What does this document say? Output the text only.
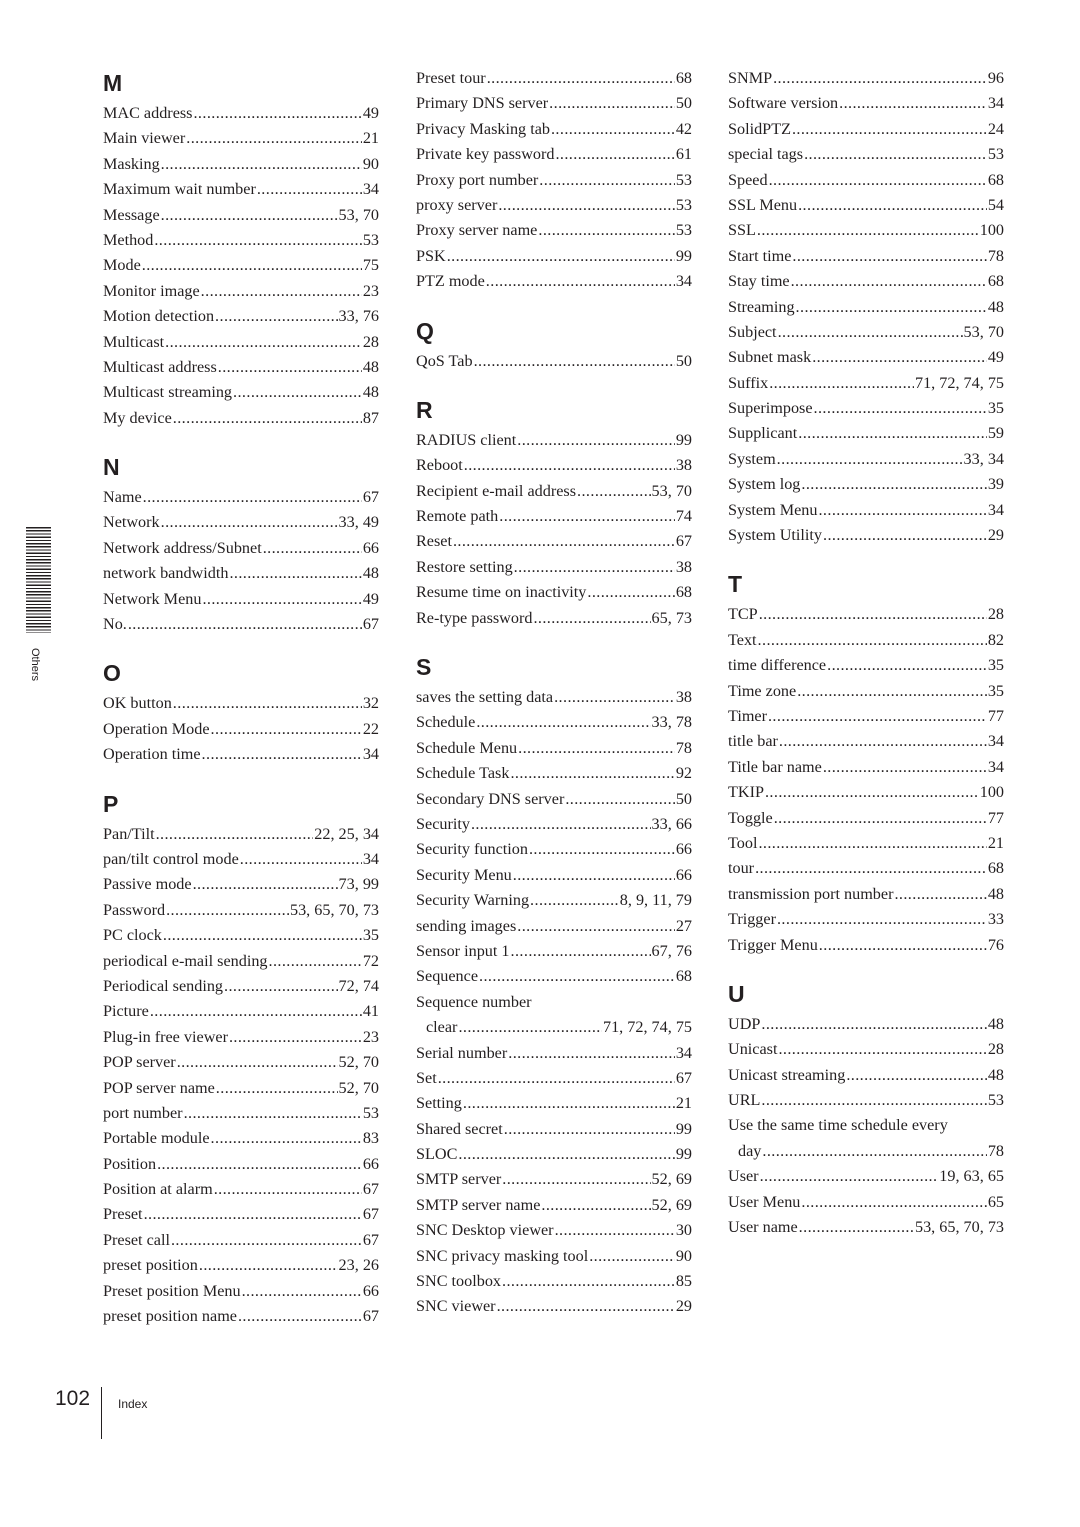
Others
M
MAC address .....	49
Main viewer .....	21
Masking .....	90
Maximum wait number .....	34
Message .....	53, 70
Method .....	53
Mode .....	75
Monitor image .....	23
Motion detection .....	33, 76
Multicast .....	28
Multicast address .....	48
Multicast streaming .....	48
My device .....	87
N
Name .....	67
Network .....	33, 49
Network address/Subnet .....	66
network bandwidth .....	48
Network Menu .....	49
No. .....	67
O
OK button .....	32
Operation Mode .....	22
Operation time .....	34
P
Pan/Tilt .....	22, 25, 34
pan/tilt control mode .....	34
Passive mode .....	73, 99
Password .....	53, 65, 70, 73
PC clock .....	35
periodical e-mail sending .....	72
Periodical sending .....	72, 74
Picture .....	41
Plug-in free viewer .....	23
POP server .....	52, 70
POP server name .....	52, 70
port number .....	53
Portable module .....	83
Position .....	66
Position at alarm .....	67
Preset .....	67
Preset call .....	67
preset position .....	23, 26
Preset position Menu .....	66
preset position name .....	67
Preset tour .....	68
Primary DNS server .....	50
Privacy Masking tab .....	42
Private key password .....	61
Proxy port number .....	53
proxy server .....	53
Proxy server name .....	53
PSK .....	99
PTZ mode .....	34
Q
QoS Tab .....	50
R
RADIUS client .....	99
Reboot .....	38
Recipient e-mail address .....	53, 70
Remote path .....	74
Reset .....	67
Restore setting .....	38
Resume time on inactivity .....	68
Re-type password .....	65, 73
S
saves the setting data .....	38
Schedule .....	33, 78
Schedule Menu .....	78
Schedule Task .....	92
Secondary DNS server .....	50
Security .....	33, 66
Security function .....	66
Security Menu .....	66
Security Warning .....	8, 9, 11, 79
sending images .....	27
Sensor input 1 .....	67, 76
Sequence .....	68
Sequence number
clear .....	71, 72, 74, 75
Serial number .....	34
Set .....	67
Setting .....	21
Shared secret .....	99
SLOC .....	99
SMTP server .....	52, 69
SMTP server name .....	52, 69
SNC Desktop viewer .....	30
SNC privacy masking tool .....	90
SNC toolbox .....	85
SNC viewer .....	29
SNMP .....	96
Software version .....	34
SolidPTZ .....	24
special tags .....	53
Speed .....	68
SSL Menu .....	54
SSL .....	100
Start time .....	78
Stay time .....	68
Streaming .....	48
Subject .....	53, 70
Subnet mask .....	49
Suffix .....	71, 72, 74, 75
Superimpose .....	35
Supplicant .....	59
System .....	33, 34
System log .....	39
System Menu .....	34
System Utility .....	29
T
TCP .....	28
Text .....	82
time difference .....	35
Time zone .....	35
Timer .....	77
title bar .....	34
Title bar name .....	34
TKIP .....	100
Toggle .....	77
Tool .....	21
tour .....	68
transmission port number .....	48
Trigger .....	33
Trigger Menu .....	76
U
UDP .....	48
Unicast .....	28
Unicast streaming .....	48
URL .....	53
Use the same time schedule every
day .....	78
User .....	19, 63, 65
User Menu .....	65
User name .....	53, 65, 70, 73
102 Index
